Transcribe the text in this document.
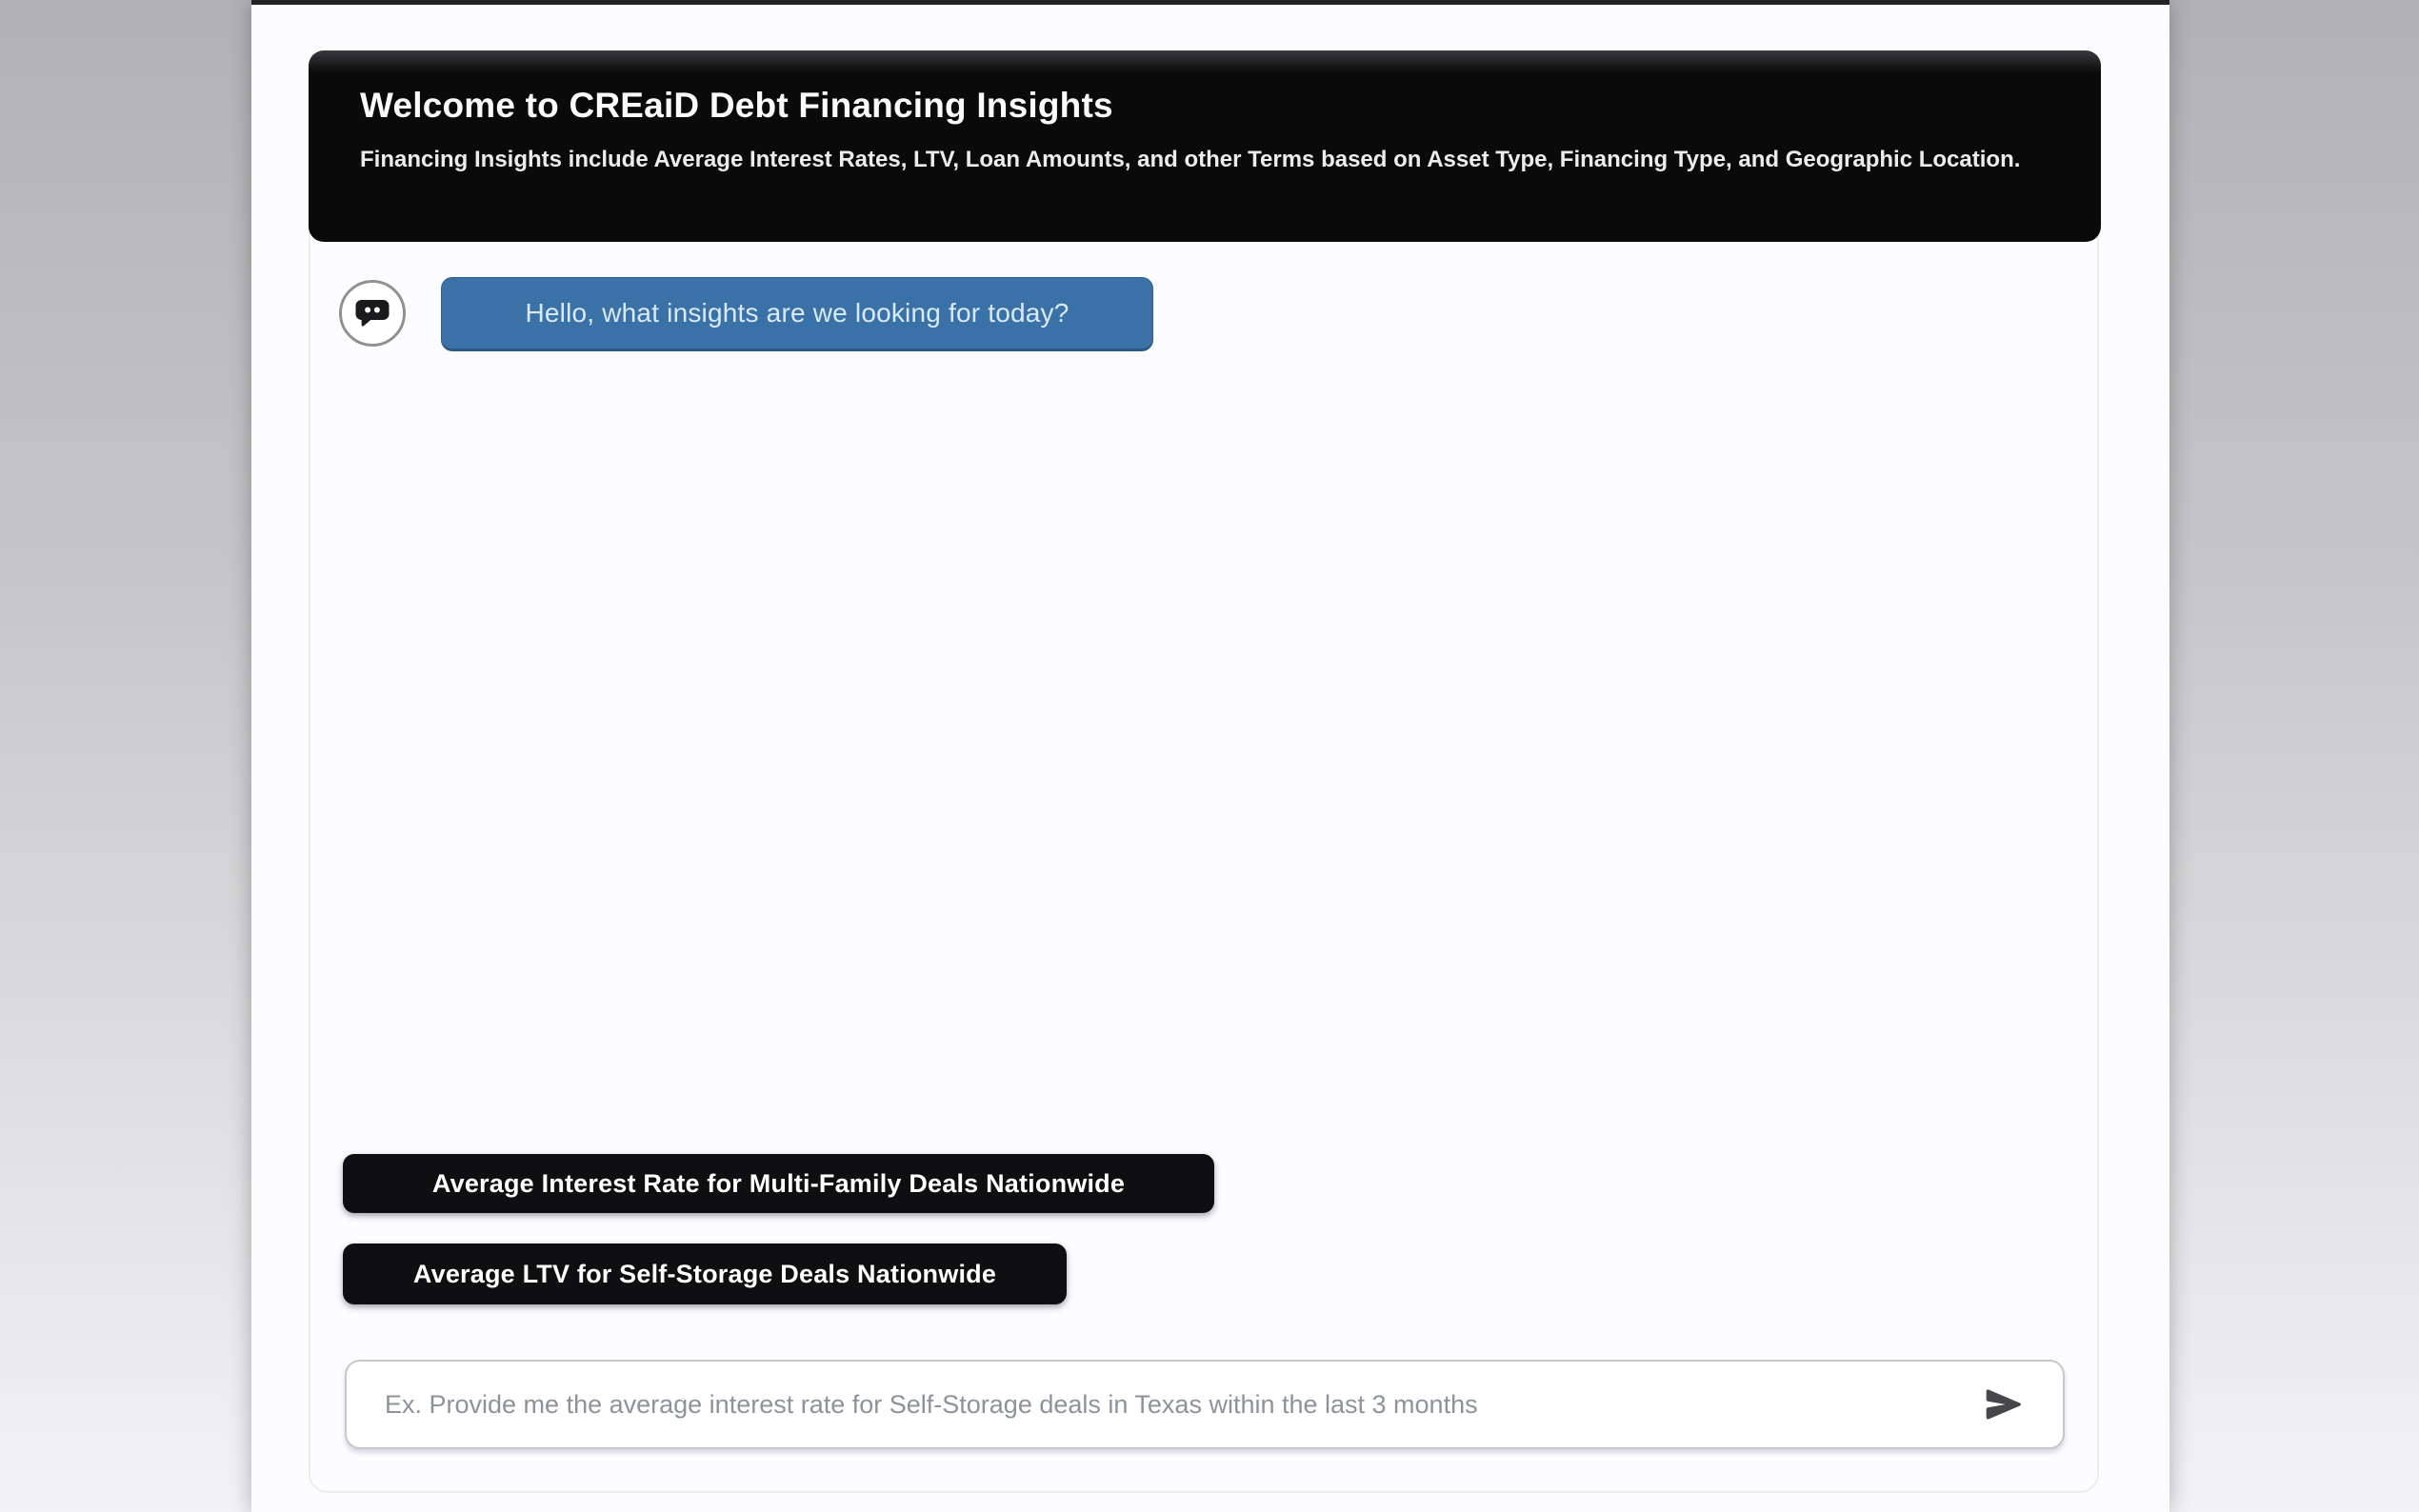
Welcome to CREaiD Debt Financing Insights

Financing Insights include Average Interest Rates, LTV, Loan Amounts, and other Terms based on Asset Type, Financing Type, and Geographic Location.

Hello, what insights are we looking for today?
Average Interest Rate for Multi-Family Deals Nationwide
Average LTV for Self-Storage Deals Nationwide
Ex. Provide me the average interest rate for Self-Storage deals in Texas within the last 3 months
